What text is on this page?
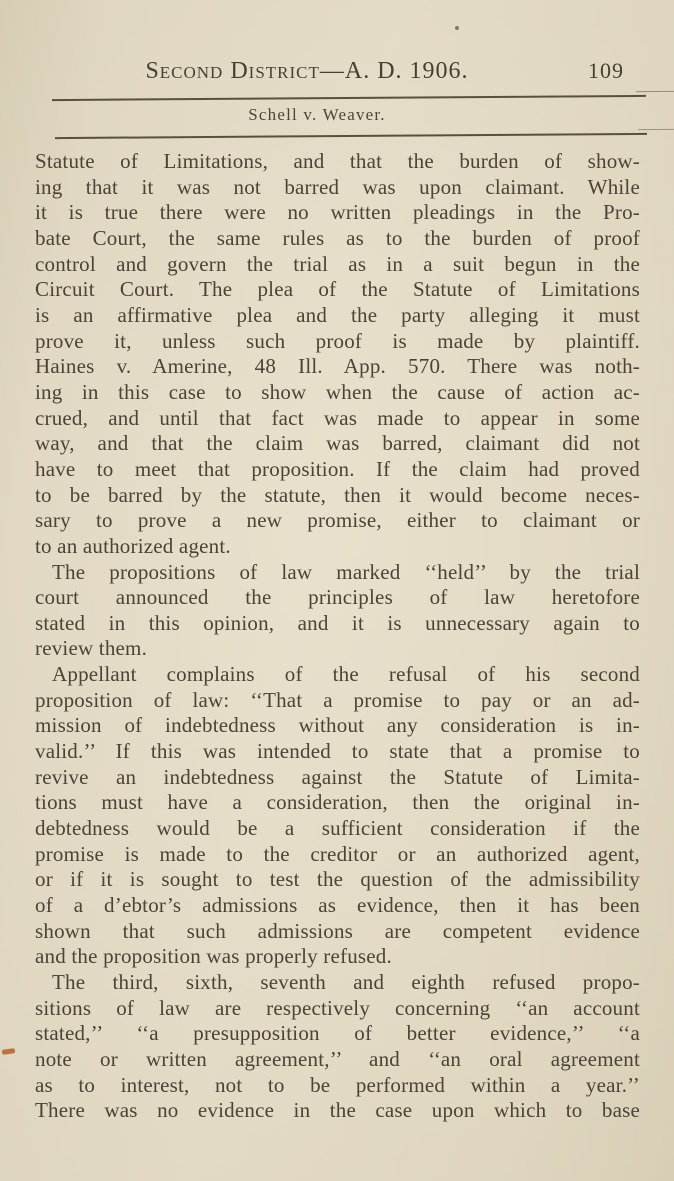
Second District—A. D. 1906.	109
Schell v. Weaver.
Statute of Limitations, and that the burden of show-
ing that it was not barred was upon claimant. While
it is true there were no written pleadings in the Pro-
bate Court, the same rules as to the burden of proof
control and govern the trial as in a suit begun in the
Circuit Court. The plea of the Statute of Limitations
is an affirmative plea and the party alleging it must
prove it, unless such proof is made by plaintiff.
Haines v. Amerine, 48 Ill. App. 570. There was noth-
ing in this case to show when the cause of action ac-
crued, and until that fact was made to appear in some
way, and that the claim was barred, claimant did not
have to meet that proposition. If the claim had proved
to be barred by the statute, then it would become neces-
sary to prove a new promise, either to claimant or
to an authorized agent.
The propositions of law marked ‘‘held’’ by the trial
court announced the principles of law heretofore
stated in this opinion, and it is unnecessary again to
review them.
Appellant complains of the refusal of his second
proposition of law: ‘‘That a promise to pay or an ad-
mission of indebtedness without any consideration is in-
valid.’’ If this was intended to state that a promise to
revive an indebtedness against the Statute of Limita-
tions must have a consideration, then the original in-
debtedness would be a sufficient consideration if the
promise is made to the creditor or an authorized agent,
or if it is sought to test the question of the admissibility
of a d’ebtor’s admissions as evidence, then it has been
shown that such admissions are competent evidence
and the proposition was properly refused.
The third, sixth, seventh and eighth refused propo-
sitions of law are respectively concerning ‘‘an account
stated,’’ ‘‘a presupposition of better evidence,’’ ‘‘a
note or written agreement,’’ and ‘‘an oral agreement
as to interest, not to be performed within a year.’’
There was no evidence in the case upon which to base
